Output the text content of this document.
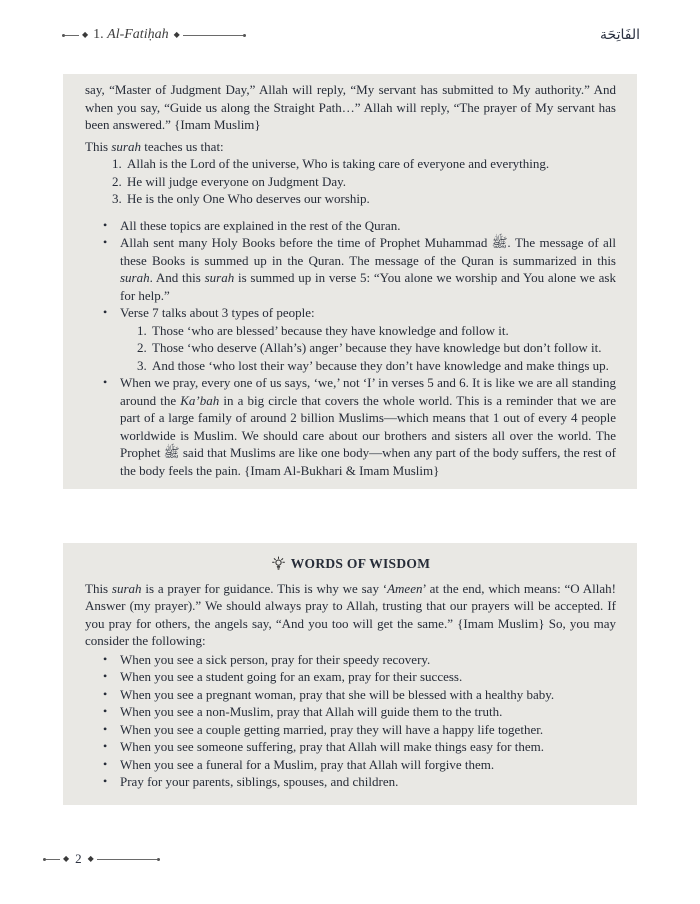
◆ 1. Al-Fatiḥah ◆	الفَاتِحَة

say, “Master of Judgment Day,” Allah will reply, “My servant has submitted to My authority.” And when you say, “Guide us along the Straight Path…” Allah will reply, “The prayer of My servant has been answered.” {Imam Muslim}

This surah teaches us that:

1. Allah is the Lord of the universe, Who is taking care of everyone and everything.
2. He will judge everyone on Judgment Day.
3. He is the only One Who deserves our worship.
• All these topics are explained in the rest of the Quran.
• Allah sent many Holy Books before the time of Prophet Muhammad ﷺ. The message of all these Books is summed up in the Quran. The message of the Quran is summarized in this surah. And this surah is summed up in verse 5: “You alone we worship and You alone we ask for help.”
• Verse 7 talks about 3 types of people:
1. Those ‘who are blessed’ because they have knowledge and follow it.
2. Those ‘who deserve (Allah’s) anger’ because they have knowledge but don’t follow it.
3. And those ‘who lost their way’ because they don’t have knowledge and make things up.
• When we pray, every one of us says, ‘we,’ not ‘I’ in verses 5 and 6. It is like we are all standing around the Ka’bah in a big circle that covers the whole world. This is a reminder that we are part of a large family of around 2 billion Muslims—which means that 1 out of every 4 people worldwide is Muslim. We should care about our brothers and sisters all over the world. The Prophet ﷺ said that Muslims are like one body—when any part of the body suffers, the rest of the body feels the pain. {Imam Al-Bukhari & Imam Muslim}
WORDS OF WISDOM

This surah is a prayer for guidance. This is why we say ‘Ameen’ at the end, which means: “O Allah! Answer (my prayer).” We should always pray to Allah, trusting that our prayers will be accepted. If you pray for others, the angels say, “And you too will get the same.” {Imam Muslim} So, you may consider the following:

• When you see a sick person, pray for their speedy recovery.
• When you see a student going for an exam, pray for their success.
• When you see a pregnant woman, pray that she will be blessed with a healthy baby.
• When you see a non-Muslim, pray that Allah will guide them to the truth.
• When you see a couple getting married, pray they will have a happy life together.
• When you see someone suffering, pray that Allah will make things easy for them.
• When you see a funeral for a Muslim, pray that Allah will forgive them.
• Pray for your parents, siblings, spouses, and children.
◆ 2 ◆
